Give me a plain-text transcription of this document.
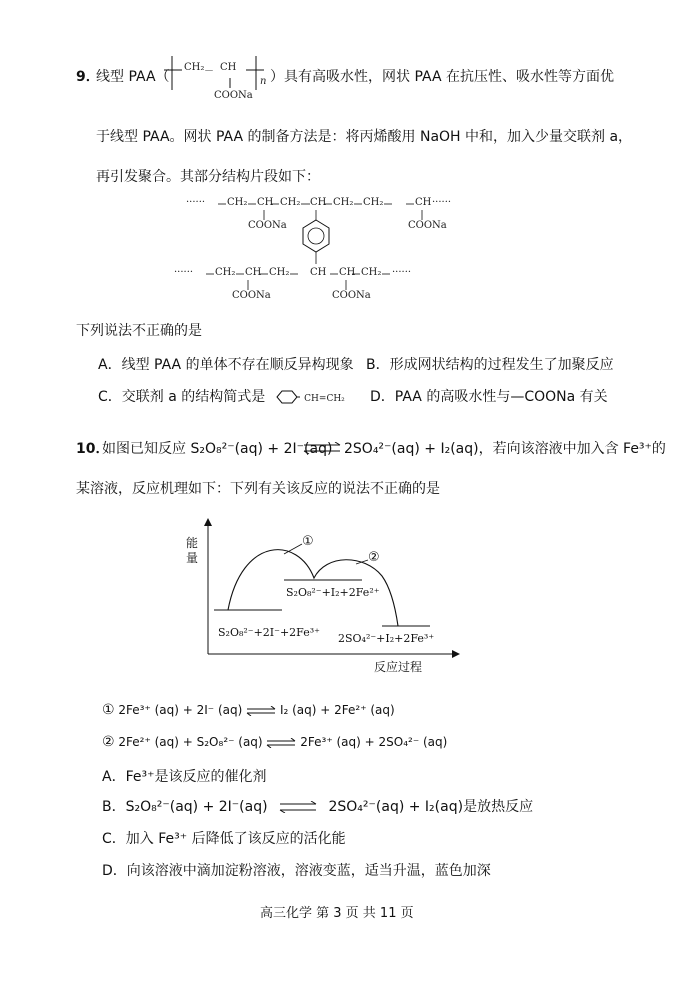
9．
线型 PAA（
CH₂ － CH
n
COONa
）具有高吸水性，网状 PAA 在抗压性、吸水性等方面优
于线型 PAA。网状 PAA 的制备方法是：将丙烯酸用 NaOH 中和，加入少量交联剂 a，
再引发聚合。其部分结构片段如下：
······ CH₂ CH CH₂ CH CH₂ CH₂	CH ······
COONa	COONa
······ CH₂ CH CH₂ CH CH CH₂ ······
COONa	COONa
下列说法不正确的是
A．线型 PAA 的单体不存在顺反异构现象 B．形成网状结构的过程发生了加聚反应
C．交联剂 a 的结构简式是	CH=CH₂ D．PAA 的高吸水性与—COONa 有关
10．
如图已知反应 S₂O₈²⁻(aq) + 2I⁻(aq) ⇌ 2SO₄²⁻(aq) + I₂(aq)，若向该溶液中加入含 Fe³⁺的
某溶液，反应机理如下：下列有关该反应的说法不正确的是
能量
反应过程
①
②
S₂O₈²⁻+I₂+2Fe²⁺
S₂O₈²⁻+2I⁻+2Fe³⁺ 2SO₄²⁻+I₂+2Fe³⁺
① 2Fe³⁺ (aq) + 2I⁻ (aq) ⇌ I₂ (aq) + 2Fe²⁺ (aq)
② 2Fe²⁺ (aq) + S₂O₈²⁻ (aq) ⇌ 2Fe³⁺ (aq) + 2SO₄²⁻ (aq)
A．Fe³⁺是该反应的催化剂
B．S₂O₈²⁻(aq) + 2I⁻(aq) ⇌ 2SO₄²⁻(aq) + I₂(aq)是放热反应
C．加入 Fe³⁺ 后降低了该反应的活化能
D．向该溶液中滴加淀粉溶液，溶液变蓝，适当升温，蓝色加深
高三化学 第 3 页 共 11 页
